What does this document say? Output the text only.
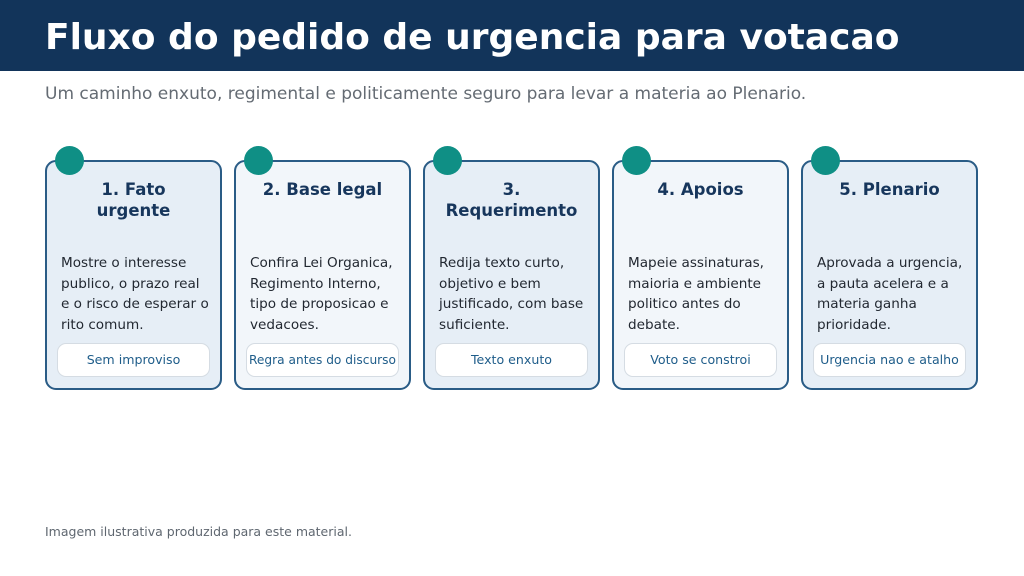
Fluxo do pedido de urgencia para votacao

Um caminho enxuto, regimental e politicamente seguro para levar a materia ao Plenario.

1. Fato urgente

Mostre o interesse publico, o prazo real e o risco de esperar o rito comum.

Sem improviso
2. Base legal

Confira Lei Organica, Regimento Interno, tipo de proposicao e vedacoes.

Regra antes do discurso
3. Requerimento

Redija texto curto, objetivo e bem justificado, com base suficiente.

Texto enxuto
4. Apoios

Mapeie assinaturas, maioria e ambiente politico antes do debate.

Voto se constroi
5. Plenario

Aprovada a urgencia, a pauta acelera e a materia ganha prioridade.

Urgencia nao e atalho

Imagem ilustrativa produzida para este material.
